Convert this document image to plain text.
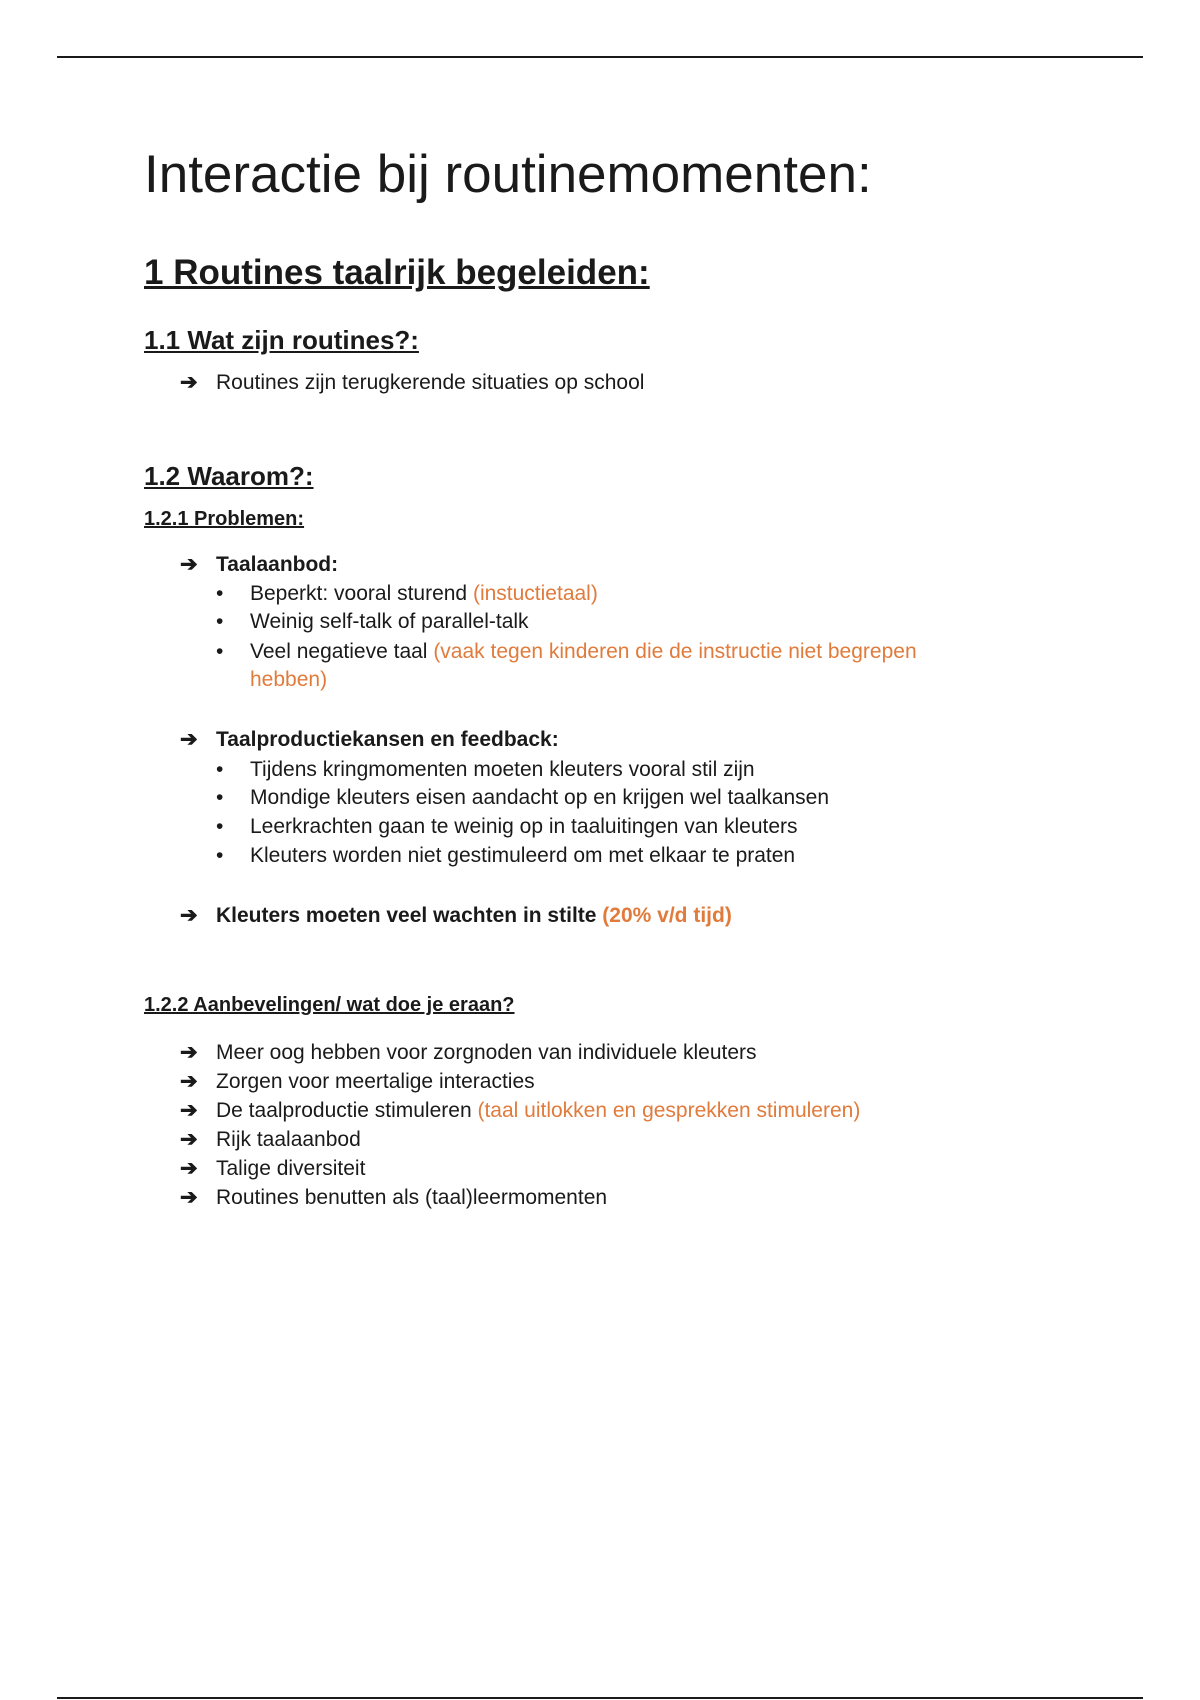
Interactie bij routinemomenten:
1 Routines taalrijk begeleiden:
1.1 Wat zijn routines?:
➔ Routines zijn terugkerende situaties op school
1.2 Waarom?:
1.2.1 Problemen:
➔ Taalaanbod:
• Beperkt: vooral sturend (instuctietaal)
• Weinig self-talk of parallel-talk
• Veel negatieve taal (vaak tegen kinderen die de instructie niet begrepen hebben)
➔ Taalproductiekansen en feedback:
• Tijdens kringmomenten moeten kleuters vooral stil zijn
• Mondige kleuters eisen aandacht op en krijgen wel taalkansen
• Leerkrachten gaan te weinig op in taaluitingen van kleuters
• Kleuters worden niet gestimuleerd om met elkaar te praten
➔ Kleuters moeten veel wachten in stilte (20% v/d tijd)
1.2.2 Aanbevelingen/ wat doe je eraan?
➔ Meer oog hebben voor zorgnoden van individuele kleuters
➔ Zorgen voor meertalige interacties
➔ De taalproductie stimuleren (taal uitlokken en gesprekken stimuleren)
➔ Rijk taalaanbod
➔ Talige diversiteit
➔ Routines benutten als (taal)leermomenten
